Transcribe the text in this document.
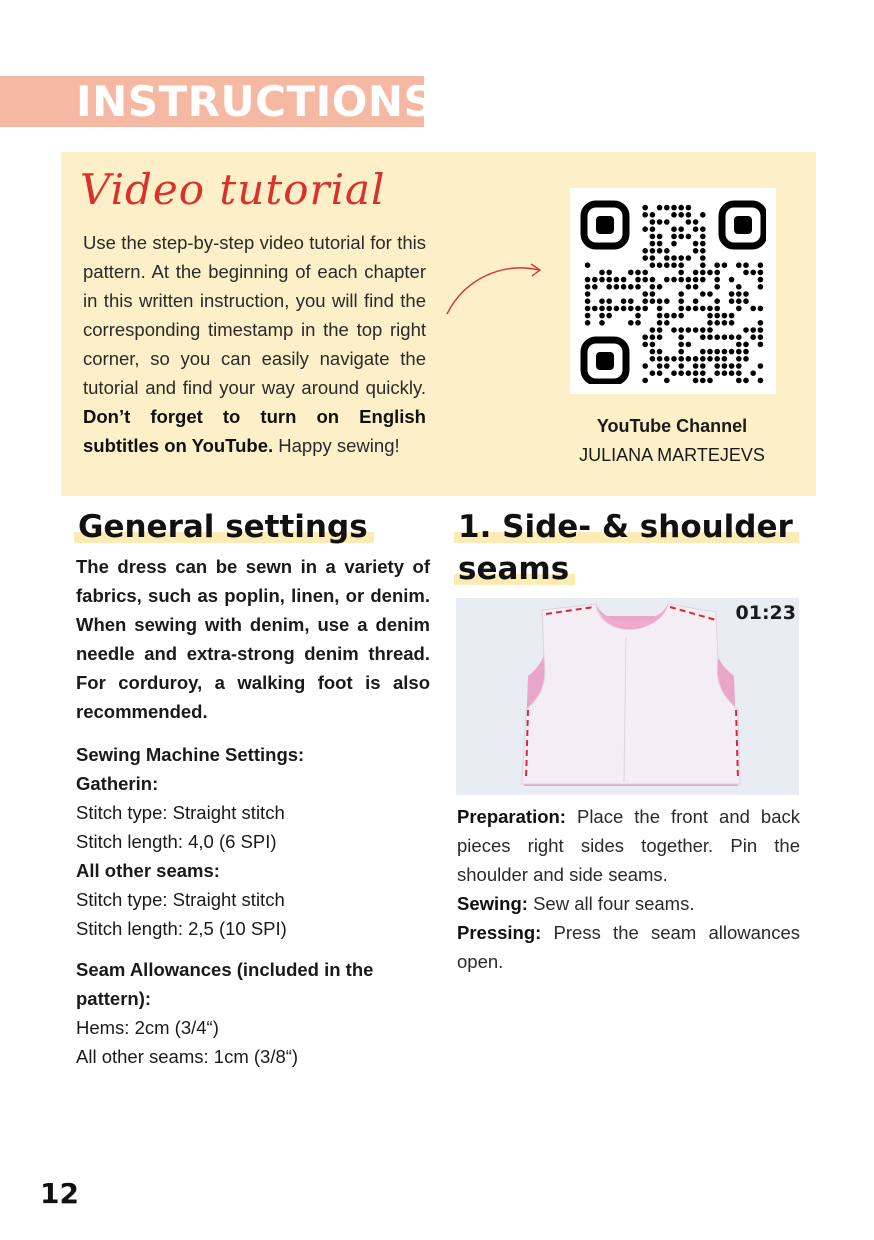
INSTRUCTIONS
Video tutorial

Use the step-by-step video tutorial for this pattern. At the beginning of each chapter in this written instruction, you will find the corresponding timestamp in the top right corner, so you can easily navigate the tutorial and find your way around quickly. Don’t forget to turn on English subtitles on YouTube. Happy sewing!

YouTube Channel
JULIANA MARTEJEVS
General settings

The dress can be sewn in a variety of fabrics, such as poplin, linen, or denim. When sewing with denim, use a denim needle and extra-strong denim thread. For corduroy, a walking foot is also recommended.

Sewing Machine Settings:
Gatherin:
Stitch type: Straight stitch
Stitch length: 4,0 (6 SPI)
All other seams:
Stitch type: Straight stitch
Stitch length: 2,5 (10 SPI)
Seam Allowances (included in the pattern):
Hems: 2cm (3/4“)
All other seams: 1cm (3/8“)
1. Side- & shoulder
seams
01:23

Preparation: Place the front and back pieces right sides together. Pin the shoulder and side seams.

Sewing: Sew all four seams.

Pressing: Press the seam allowances open.

12
